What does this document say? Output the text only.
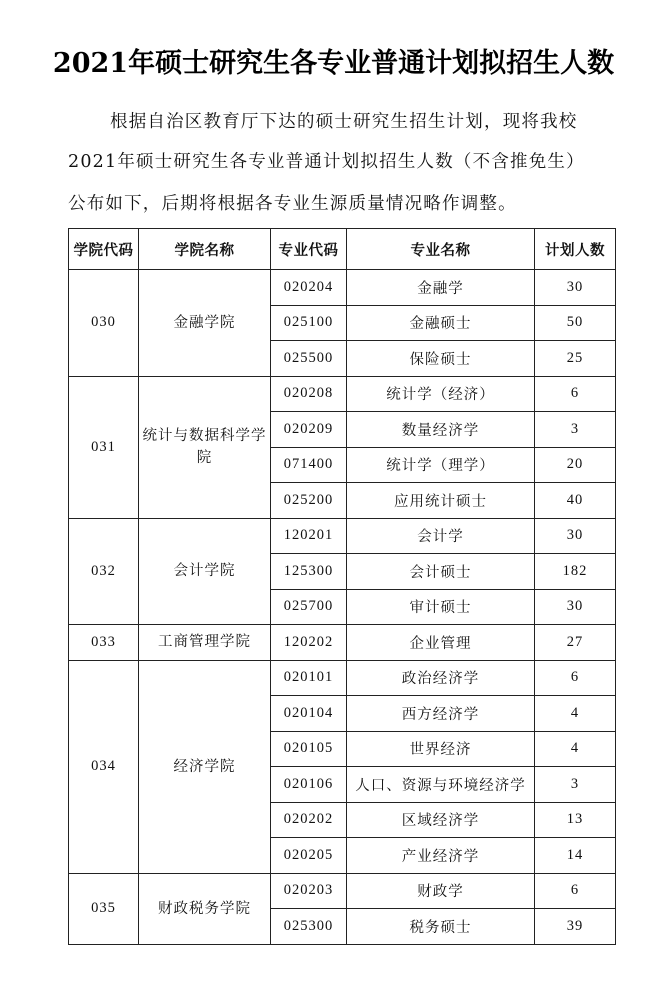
2021年硕士研究生各专业普通计划拟招生人数
根据自治区教育厅下达的硕士研究生招生计划，现将我校
2021年硕士研究生各专业普通计划拟招生人数（不含推免生）
公布如下，后期将根据各专业生源质量情况略作调整。
学院代码	学院名称	专业代码	专业名称	计划人数
030	金融学院	020204	金融学	30
		025100	金融硕士	50
		025500	保险硕士	25
031	统计与数据科学学院	020208	统计学（经济）	6
		020209	数量经济学	3
		071400	统计学（理学）	20
		025200	应用统计硕士	40
032	会计学院	120201	会计学	30
		125300	会计硕士	182
		025700	审计硕士	30
033	工商管理学院	120202	企业管理	27
034	经济学院	020101	政治经济学	6
		020104	西方经济学	4
		020105	世界经济	4
		020106	人口、资源与环境经济学	3
		020202	区域经济学	13
		020205	产业经济学	14
035	财政税务学院	020203	财政学	6
		025300	税务硕士	39
